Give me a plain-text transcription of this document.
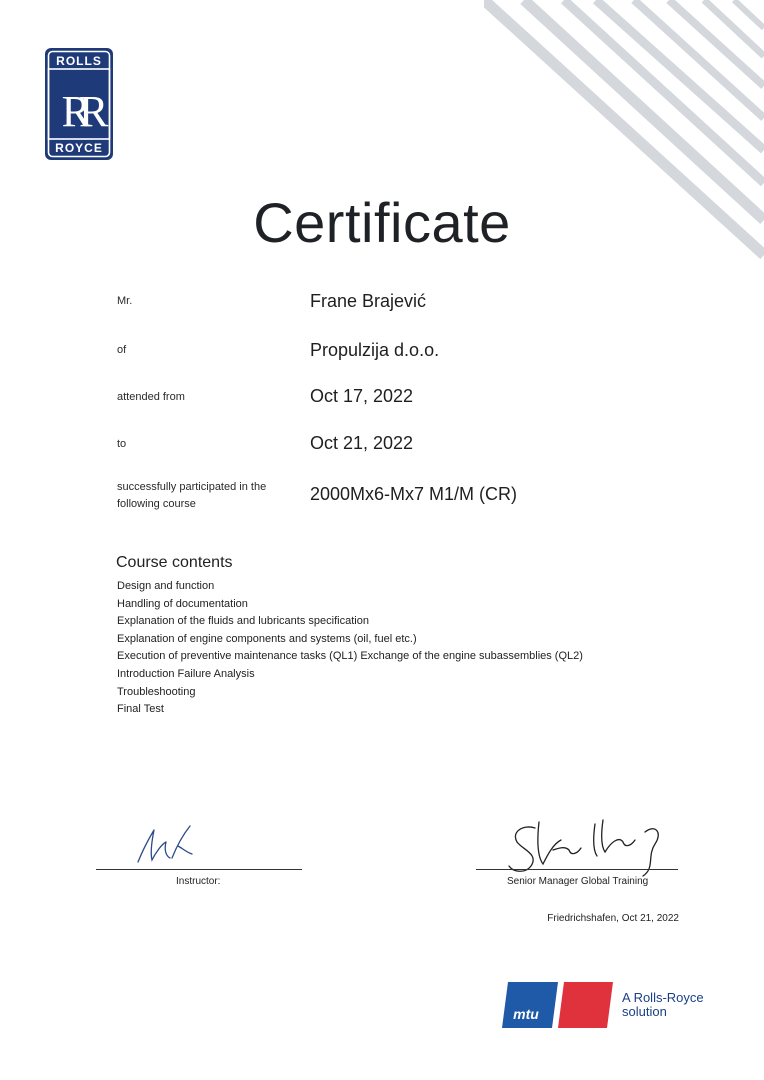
ROLLS
RR
ROYCE
Certificate
Mr.	Frane Brajević
of	Propulzija d.o.o.
attended from	Oct 17, 2022
to	Oct 21, 2022
successfully participated in the
following course	2000Mx6-Mx7 M1/M (CR)
Course contents
Design and function
Handling of documentation
Explanation of the fluids and lubricants specification
Explanation of engine components and systems (oil, fuel etc.)
Execution of preventive maintenance tasks (QL1) Exchange of the engine subassemblies (QL2)
Introduction Failure Analysis
Troubleshooting
Final Test
Instructor:	Senior Manager Global Training
Friedrichshafen, Oct 21, 2022
mtu
A Rolls-Royce
solution
